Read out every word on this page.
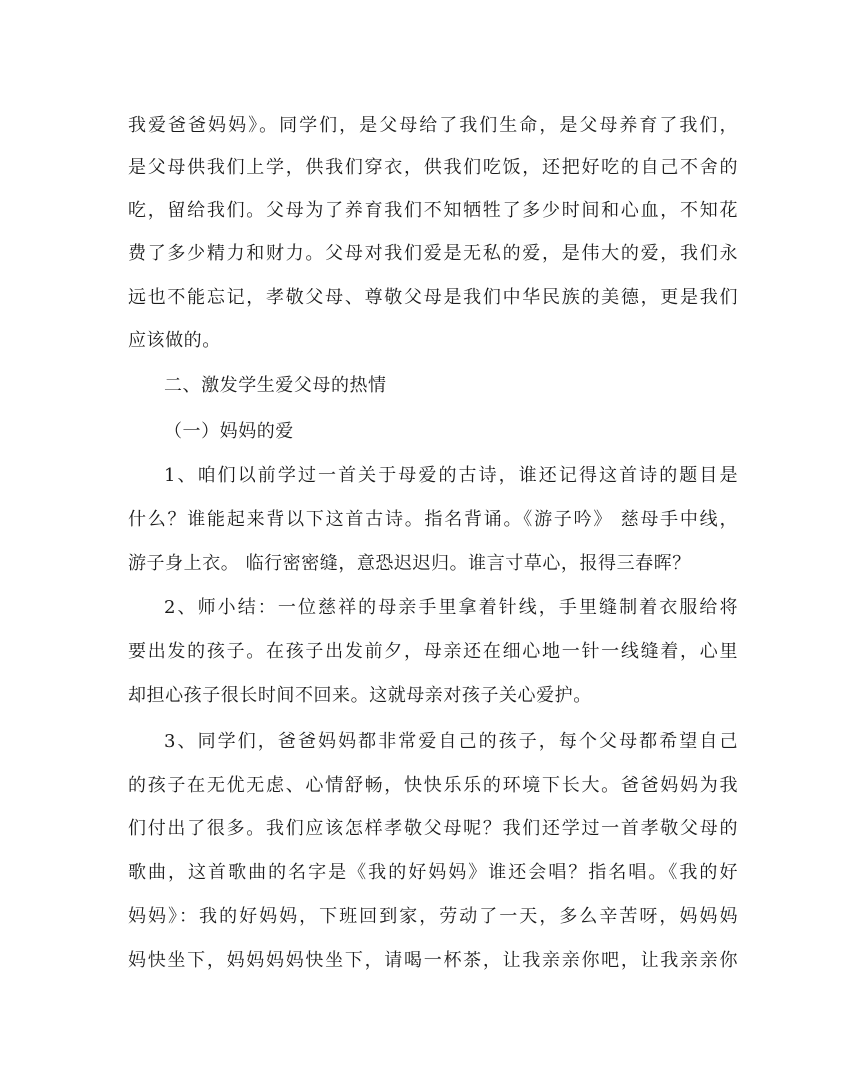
我爱爸爸妈妈》。同学们，是父母给了我们生命，是父母养育了我们，
是父母供我们上学，供我们穿衣，供我们吃饭，还把好吃的自己不舍的
吃，留给我们。父母为了养育我们不知牺牲了多少时间和心血，不知花
费了多少精力和财力。父母对我们爱是无私的爱，是伟大的爱，我们永
远也不能忘记，孝敬父母、尊敬父母是我们中华民族的美德，更是我们
应该做的。
二、激发学生爱父母的热情
（一）妈妈的爱
1、咱们以前学过一首关于母爱的古诗，谁还记得这首诗的题目是
什么？谁能起来背以下这首古诗。指名背诵。《游子吟》 慈母手中线，
游子身上衣。 临行密密缝，意恐迟迟归。谁言寸草心，报得三春晖？
2、师小结：一位慈祥的母亲手里拿着针线，手里缝制着衣服给将
要出发的孩子。在孩子出发前夕，母亲还在细心地一针一线缝着，心里
却担心孩子很长时间不回来。这就母亲对孩子关心爱护。
3、同学们，爸爸妈妈都非常爱自己的孩子，每个父母都希望自己
的孩子在无优无虑、心情舒畅，快快乐乐的环境下长大。爸爸妈妈为我
们付出了很多。我们应该怎样孝敬父母呢？我们还学过一首孝敬父母的
歌曲，这首歌曲的名字是《我的好妈妈》谁还会唱？指名唱。《我的好
妈妈》：我的好妈妈，下班回到家，劳动了一天，多么辛苦呀，妈妈妈
妈快坐下，妈妈妈妈快坐下，请喝一杯茶，让我亲亲你吧，让我亲亲你
